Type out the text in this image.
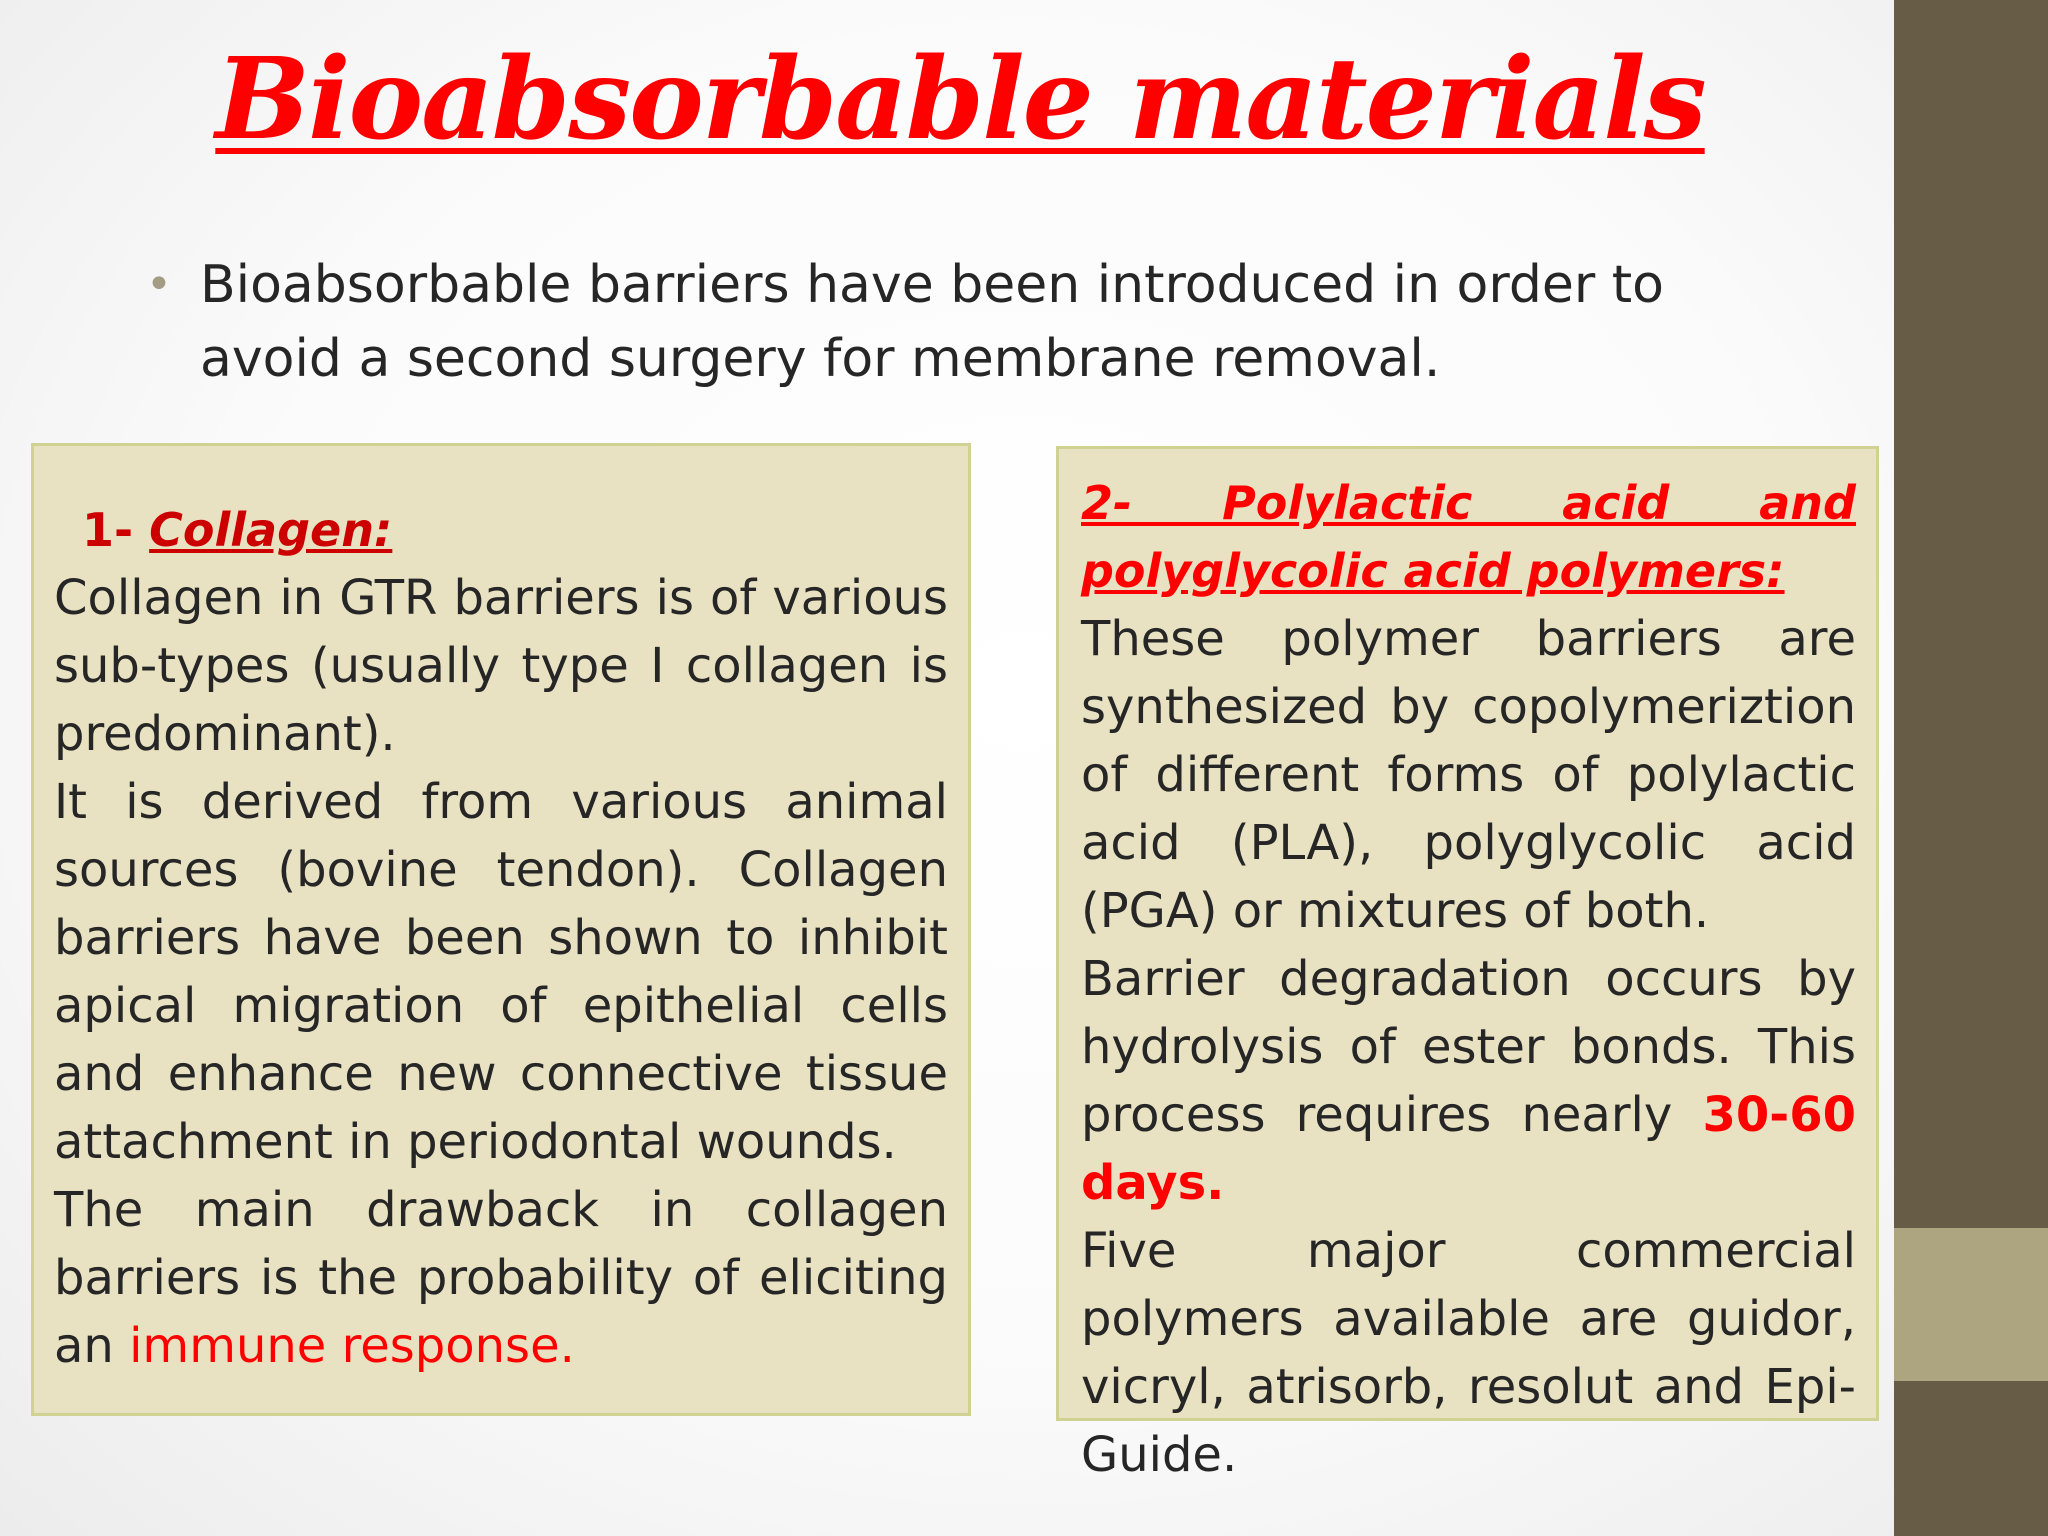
Bioabsorbable materials
• Bioabsorbable barriers have been introduced in order to avoid a second surgery for membrane removal.

1- Collagen:

Collagen in GTR barriers is of various sub-types (usually type I collagen is predominant).

It is derived from various animal sources (bovine tendon). Collagen barriers have been shown to inhibit apical migration of epithelial cells and enhance new connective tissue attachment in periodontal wounds.

The main drawback in collagen barriers is the probability of eliciting an immune response.

2- Polylactic acid and polyglycolic acid polymers:

These polymer barriers are synthesized by copolymeriztion of different forms of polylactic acid (PLA), polyglycolic acid (PGA) or mixtures of both.

Barrier degradation occurs by hydrolysis of ester bonds. This process requires nearly 30-60 days.

Five major commercial polymers available are guidor, vicryl, atrisorb, resolut and Epi-Guide.
